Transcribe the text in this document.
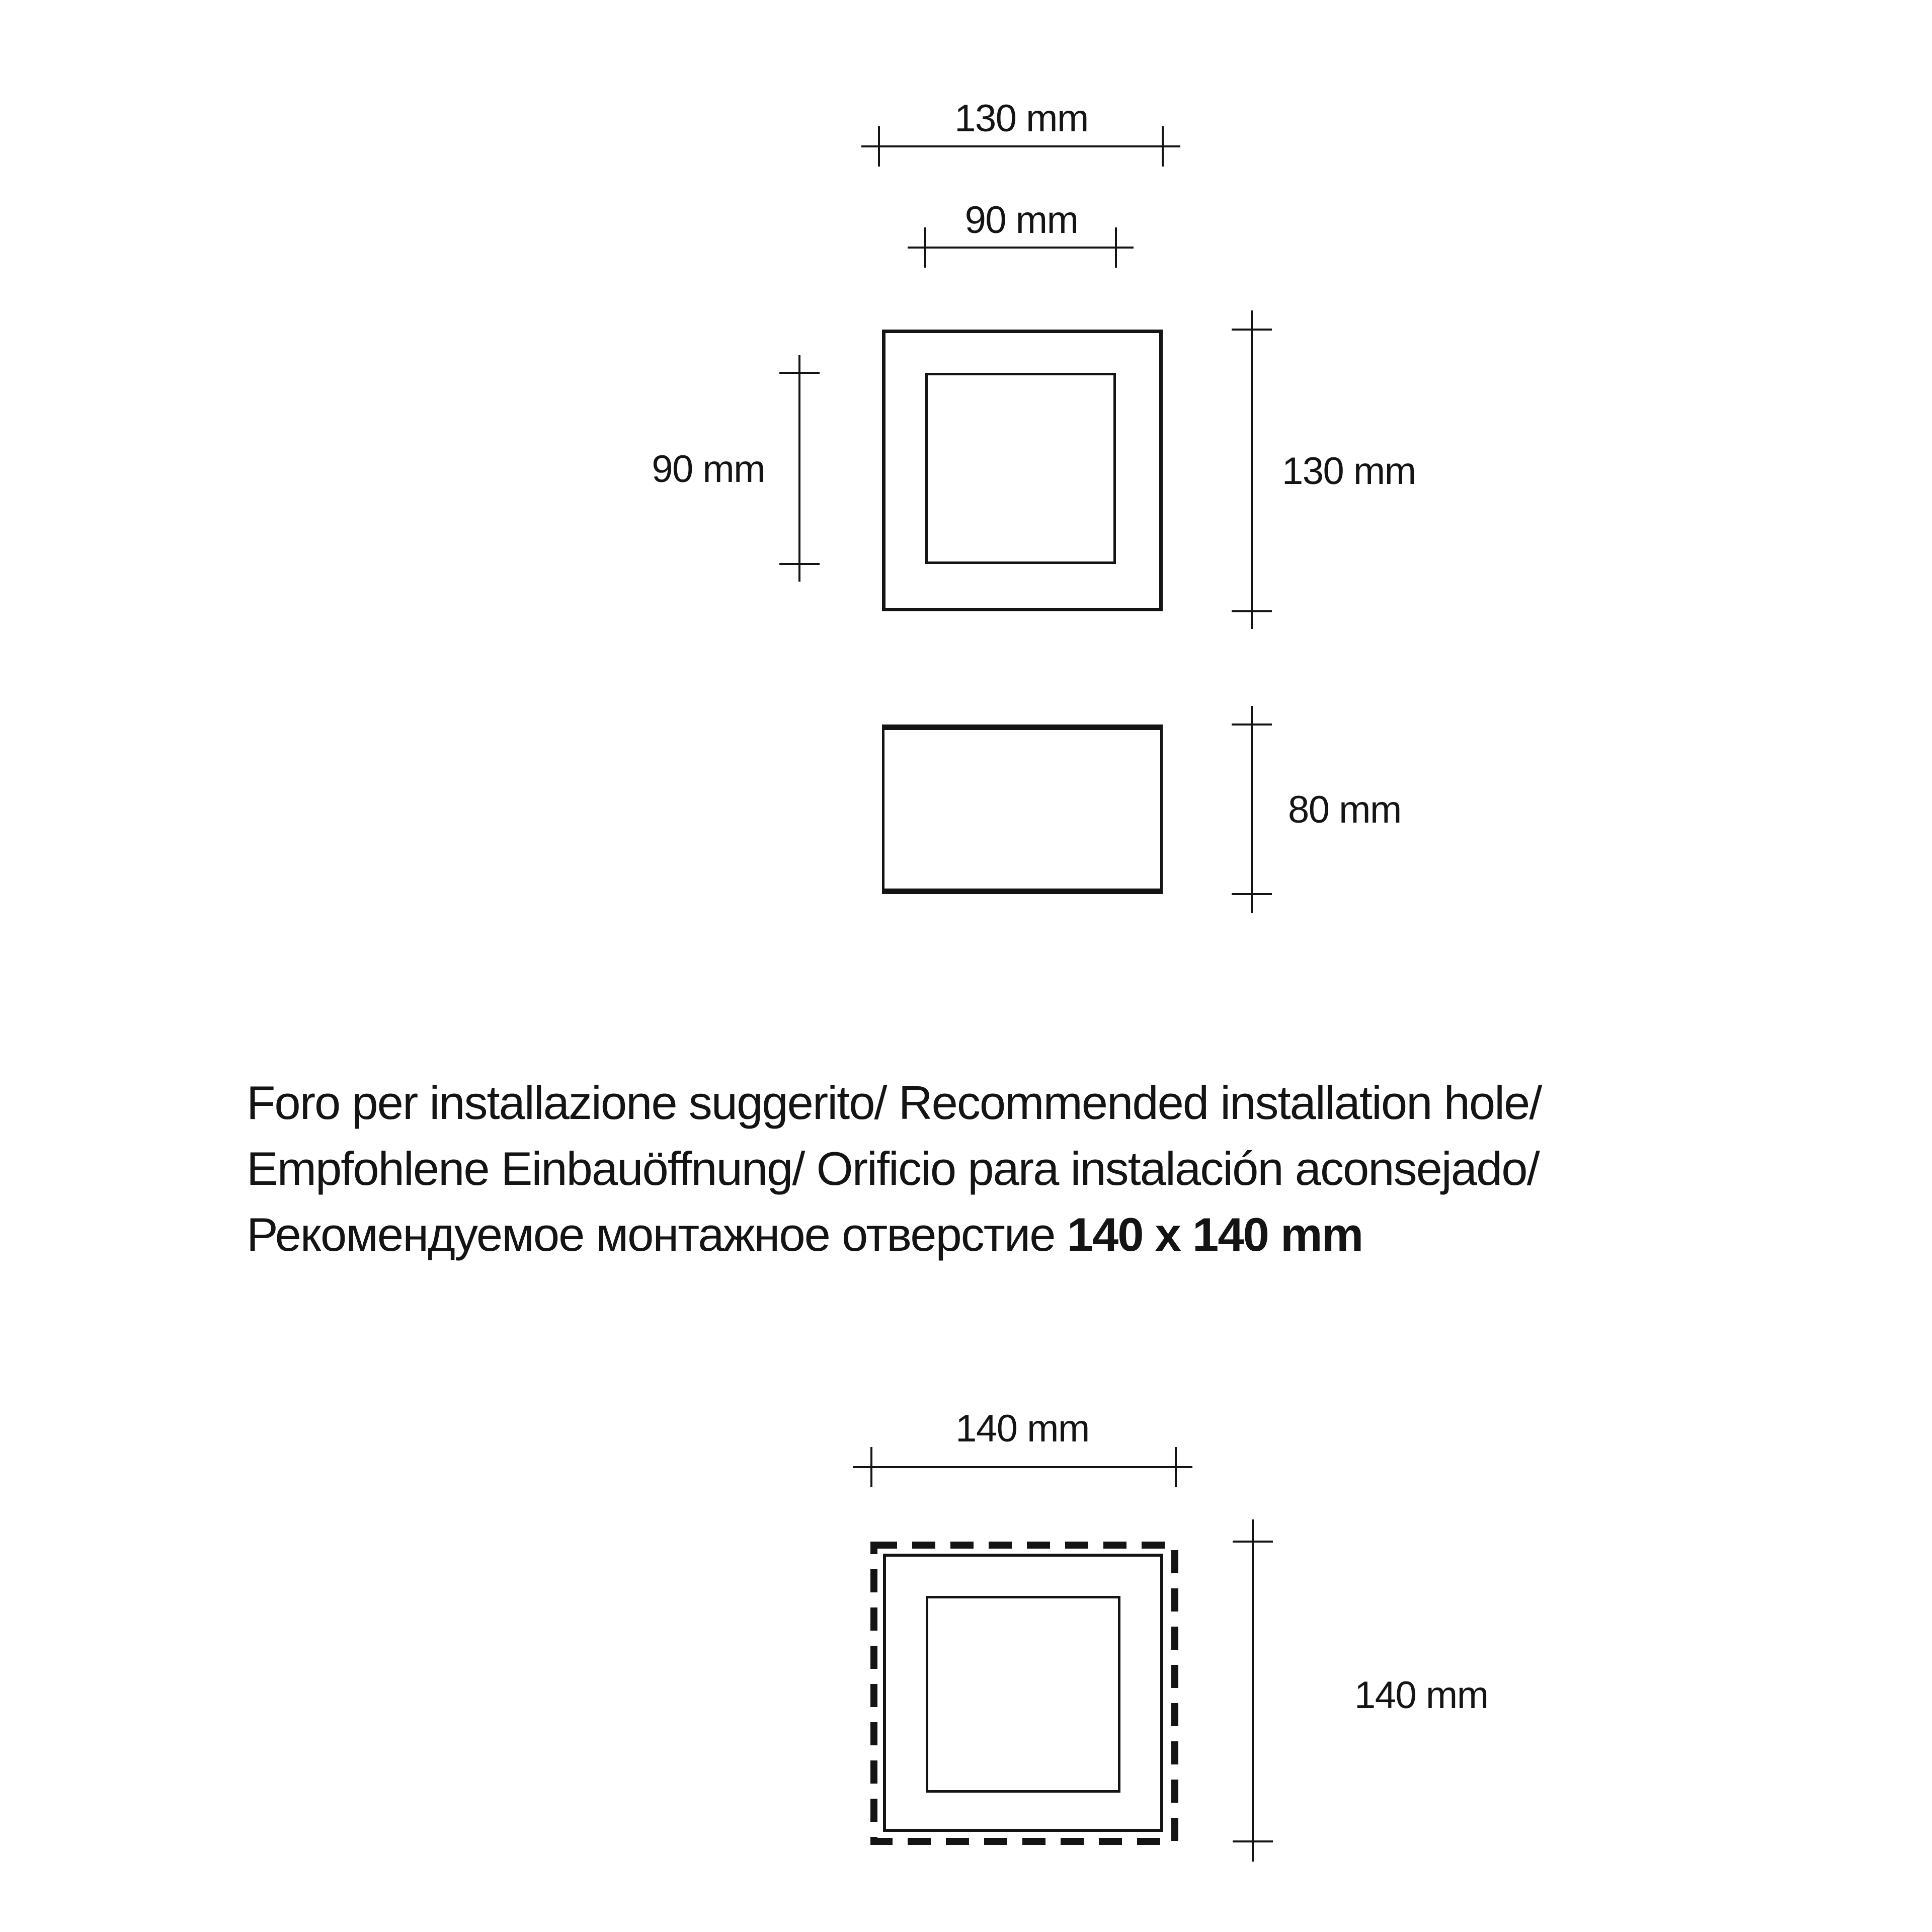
130 mm
90 mm
90 mm	130 mm
80 mm
140 mm
140 mm
Foro per installazione suggerito/ Recommended installation hole/
Empfohlene Einbauöffnung/ Orificio para instalación aconsejado/
Рекомендуемое монтажное отверстие 140 x 140 mm
